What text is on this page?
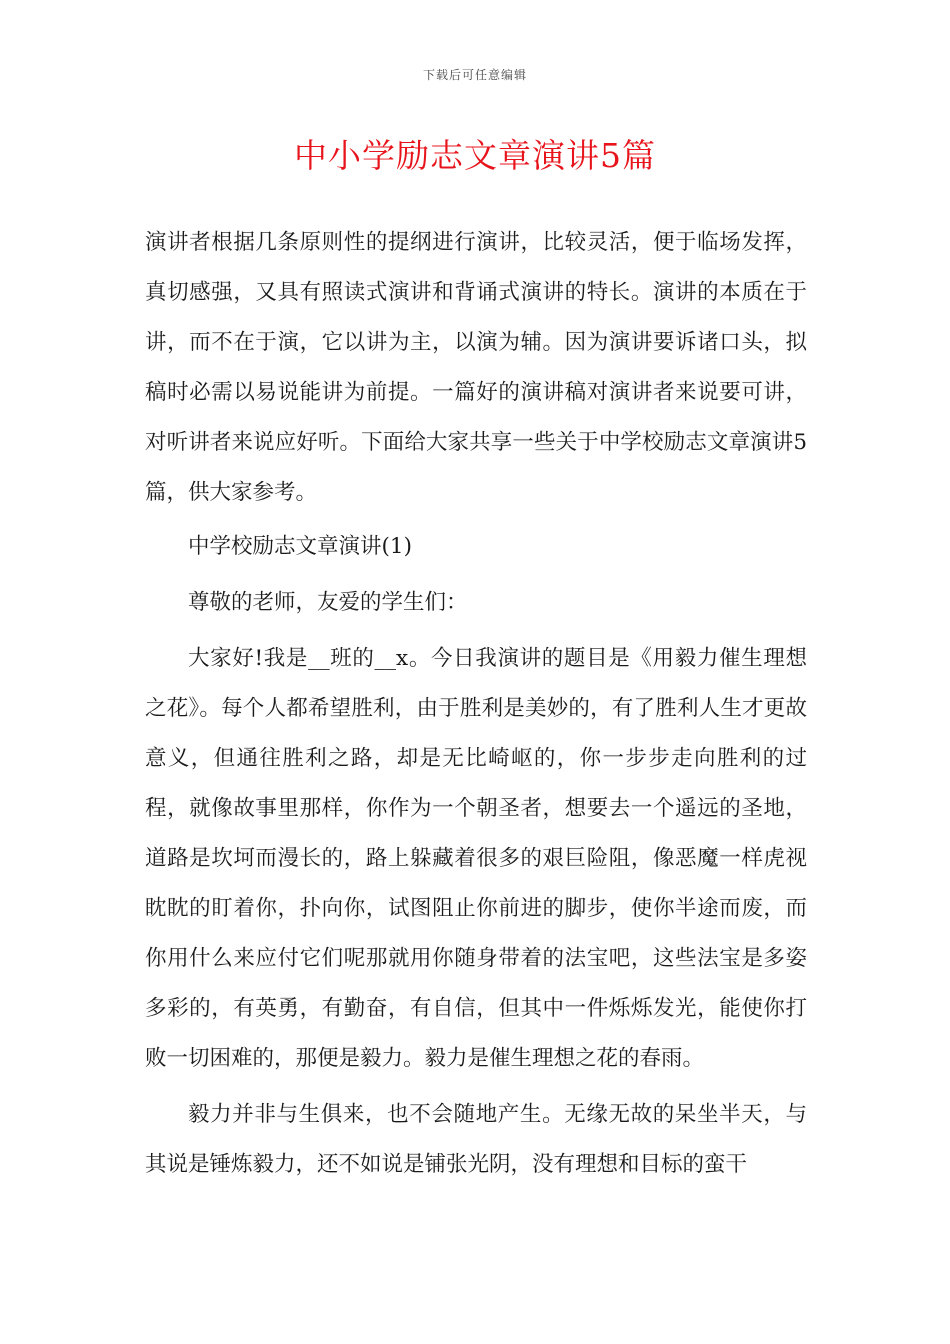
下载后可任意编辑
中小学励志文章演讲5篇

演讲者根据几条原则性的提纲进行演讲，比较灵活，便于临场发挥，真切感强，又具有照读式演讲和背诵式演讲的特长。演讲的本质在于讲，而不在于演，它以讲为主，以演为辅。因为演讲要诉诸口头，拟稿时必需以易说能讲为前提。一篇好的演讲稿对演讲者来说要可讲，对听讲者来说应好听。下面给大家共享一些关于中学校励志文章演讲5篇，供大家参考。

中学校励志文章演讲(1)

尊敬的老师，友爱的学生们：

大家好!我是__班的__x。今日我演讲的题目是《用毅力催生理想之花》。每个人都希望胜利，由于胜利是美妙的，有了胜利人生才更故意义，但通往胜利之路，却是无比崎岖的，你一步步走向胜利的过程，就像故事里那样，你作为一个朝圣者，想要去一个遥远的圣地，道路是坎坷而漫长的，路上躲藏着很多的艰巨险阻，像恶魔一样虎视眈眈的盯着你，扑向你，试图阻止你前进的脚步，使你半途而废，而你用什么来应付它们呢那就用你随身带着的法宝吧，这些法宝是多姿多彩的，有英勇，有勤奋，有自信，但其中一件烁烁发光，能使你打败一切困难的，那便是毅力。毅力是催生理想之花的春雨。

毅力并非与生俱来，也不会随地产生。无缘无故的呆坐半天，与其说是锤炼毅力，还不如说是铺张光阴，没有理想和目标的蛮干
